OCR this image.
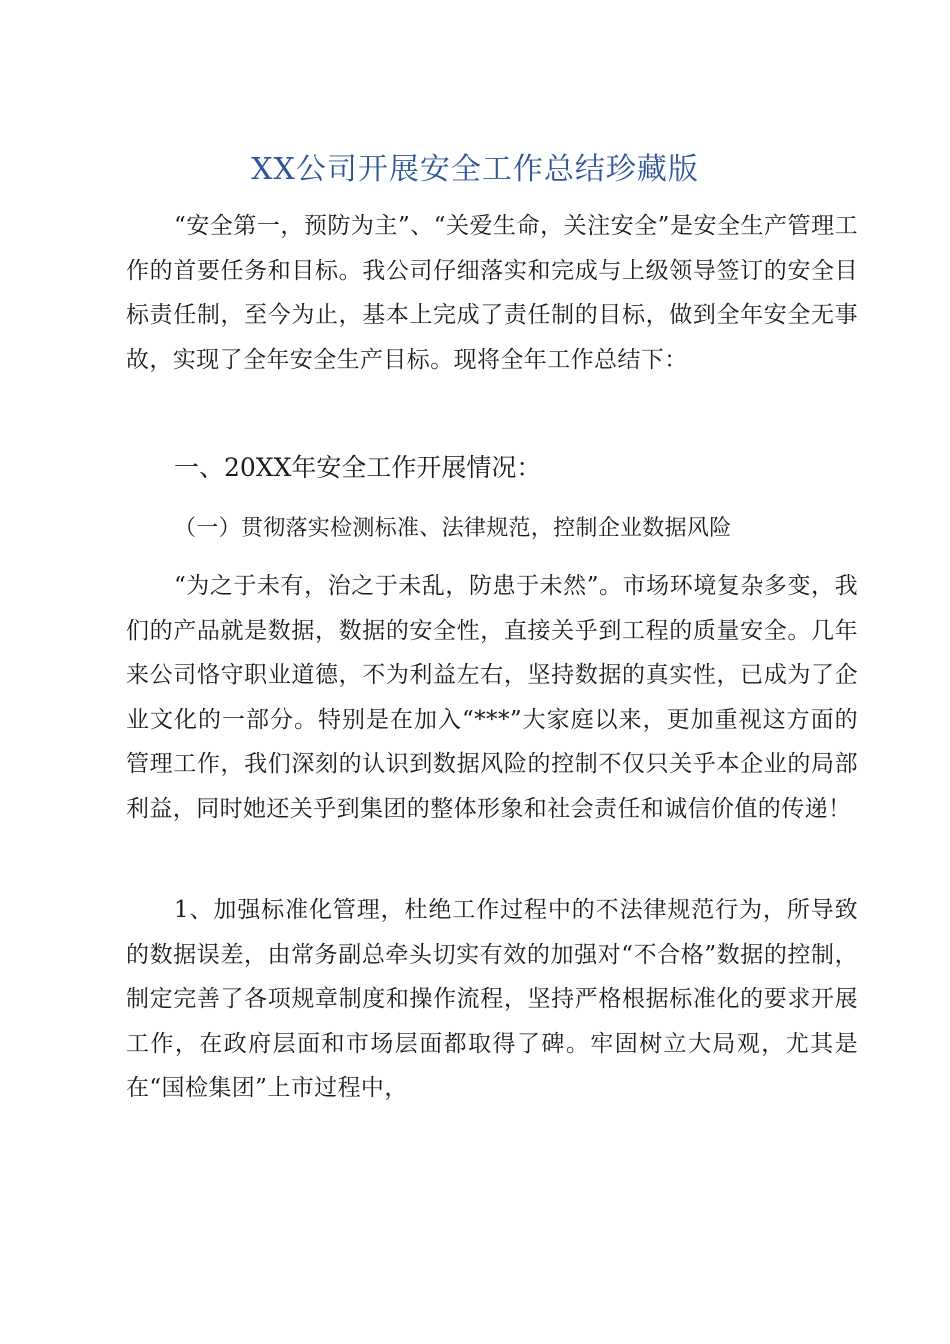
XX公司开展安全工作总结珍藏版

“安全第一，预防为主”、“关爱生命，关注安全”是安全生产管理工作的首要任务和目标。我公司仔细落实和完成与上级领导签订的安全目标责任制，至今为止，基本上完成了责任制的目标，做到全年安全无事故，实现了全年安全生产目标。现将全年工作总结下：

一、20XX年安全工作开展情况：
（一）贯彻落实检测标准、法律规范，控制企业数据风险

“为之于未有，治之于未乱，防患于未然”。市场环境复杂多变，我们的产品就是数据，数据的安全性，直接关乎到工程的质量安全。几年来公司恪守职业道德，不为利益左右，坚持数据的真实性，已成为了企业文化的一部分。特别是在加入“***”大家庭以来，更加重视这方面的管理工作，我们深刻的认识到数据风险的控制不仅只关乎本企业的局部利益，同时她还关乎到集团的整体形象和社会责任和诚信价值的传递！

1、加强标准化管理，杜绝工作过程中的不法律规范行为，所导致的数据误差，由常务副总牵头切实有效的加强对“不合格”数据的控制，制定完善了各项规章制度和操作流程，坚持严格根据标准化的要求开展工作，在政府层面和市场层面都取得了碑。牢固树立大局观，尤其是在“国检集团”上市过程中，
